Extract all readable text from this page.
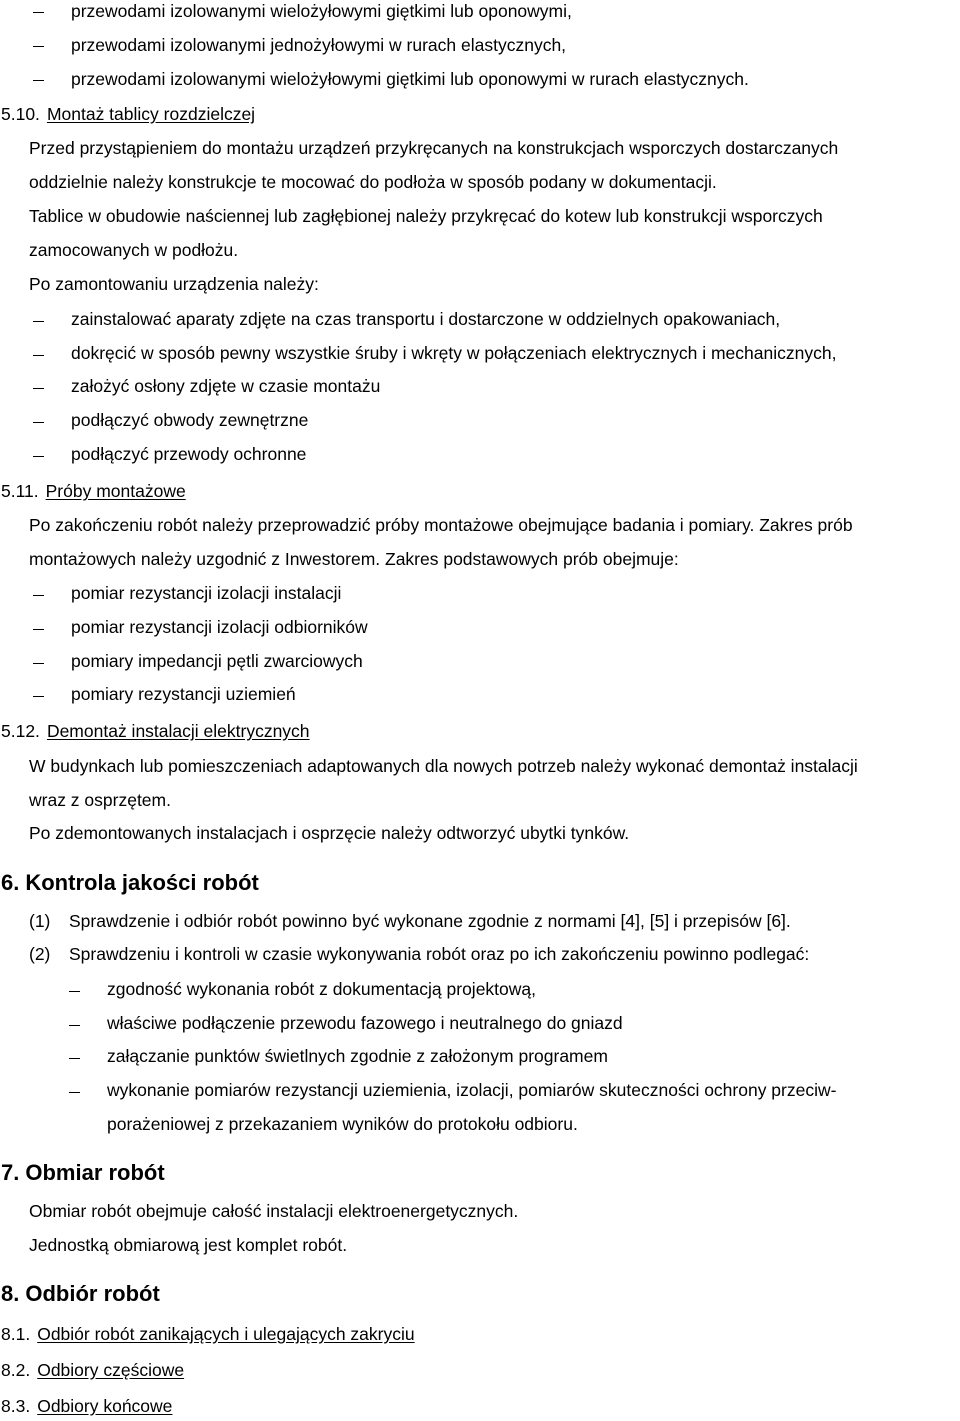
przewodami izolowanymi wielożyłowymi giętkimi lub oponowymi,
przewodami izolowanymi jednożyłowymi w rurach elastycznych,
przewodami izolowanymi wielożyłowymi giętkimi lub oponowymi w rurach elastycznych.
5.10. Montaż tablicy rozdzielczej
Przed przystąpieniem do montażu urządzeń przykręcanych na konstrukcjach wsporczych dostarczanych
oddzielnie należy konstrukcje te mocować do podłoża w sposób podany w dokumentacji.
Tablice w obudowie naściennej lub zagłębionej należy przykręcać do kotew lub konstrukcji wsporczych
zamocowanych w podłożu.
Po zamontowaniu urządzenia należy:
zainstalować aparaty zdjęte na czas transportu i dostarczone w oddzielnych opakowaniach,
dokręcić w sposób pewny wszystkie śruby i wkręty w połączeniach elektrycznych i mechanicznych,
założyć osłony zdjęte w czasie montażu
podłączyć obwody zewnętrzne
podłączyć przewody ochronne
5.11. Próby montażowe
Po zakończeniu robót należy przeprowadzić próby montażowe obejmujące badania i pomiary. Zakres prób
montażowych należy uzgodnić z Inwestorem. Zakres podstawowych prób obejmuje:
pomiar rezystancji izolacji instalacji
pomiar rezystancji izolacji odbiorników
pomiary impedancji pętli zwarciowych
pomiary rezystancji uziemień
5.12. Demontaż instalacji elektrycznych
W budynkach lub pomieszczeniach adaptowanych dla nowych potrzeb należy wykonać demontaż instalacji
wraz z osprzętem.
Po zdemontowanych instalacjach i osprzęcie należy odtworzyć ubytki tynków.
6. Kontrola jakości robót
(1) Sprawdzenie i odbiór robót powinno być wykonane zgodnie z normami [4], [5] i przepisów [6].
(2) Sprawdzeniu i kontroli w czasie wykonywania robót oraz po ich zakończeniu powinno podlegać:
zgodność wykonania robót z dokumentacją projektową,
właściwe podłączenie przewodu fazowego i neutralnego do gniazd
załączanie punktów świetlnych zgodnie z założonym programem
wykonanie pomiarów rezystancji uziemienia, izolacji, pomiarów skuteczności ochrony przeciw-
porażeniowej z przekazaniem wyników do protokołu odbioru.
7. Obmiar robót
Obmiar robót obejmuje całość instalacji elektroenergetycznych.
Jednostką obmiarową jest komplet robót.
8. Odbiór robót
8.1. Odbiór robót zanikających i ulegających zakryciu
8.2. Odbiory częściowe
8.3. Odbiory końcowe
